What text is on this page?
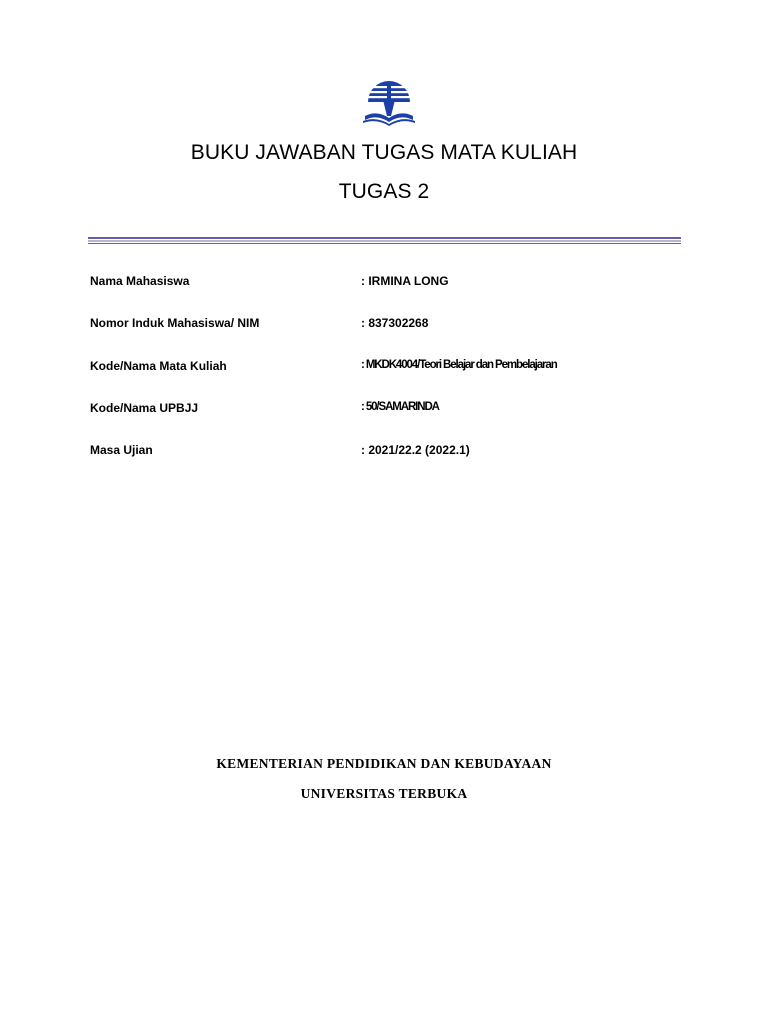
BUKU JAWABAN TUGAS MATA KULIAH
TUGAS 2
Nama Mahasiswa	: IRMINA LONG
Nomor Induk Mahasiswa/ NIM	: 837302268
Kode/Nama Mata Kuliah	: MKDK4004/Teori Belajar dan Pembelajaran
Kode/Nama UPBJJ	: 50/SAMARINDA
Masa Ujian	: 2021/22.2 (2022.1)
KEMENTERIAN PENDIDIKAN DAN KEBUDAYAAN
UNIVERSITAS TERBUKA
